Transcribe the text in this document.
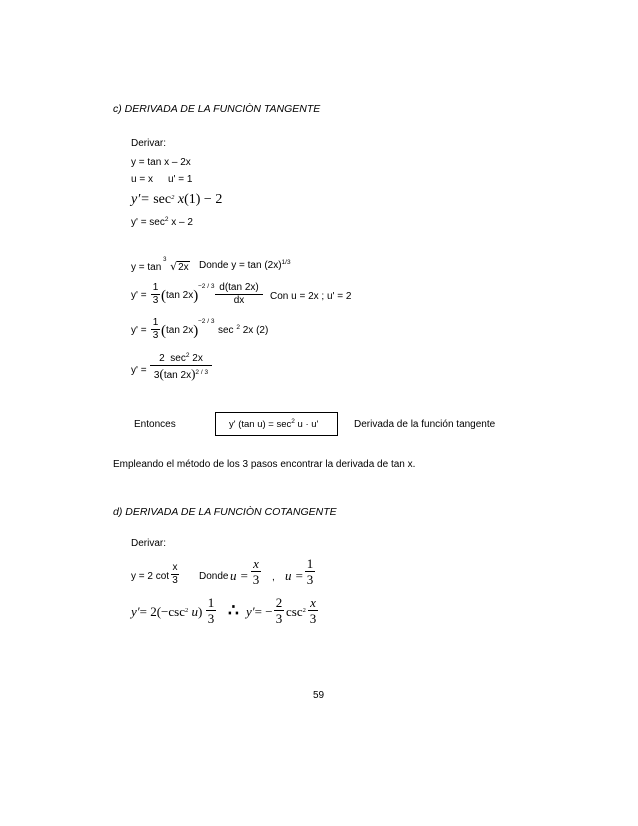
c) DERIVADA DE LA FUNCIÒN TANGENTE
Derivar:
y = tan x – 2x
u = x u' = 1
$y'= \sec^2 x(1) - 2$
$y' = \sec^2 x - 2$
y = tan
3 √2x Donde $y = \tan (2x)^{1/3}$
y' =
1
3 (tan 2x)
−2 / 3 d(tan 2x)
dx	Con u = 2x ; u' = 2
y' =
1
3 (tan 2x)
−2 / 3
sec $^2$ 2x (2)
y' =
2  $\sec^2 2x$
3(tan 2x)$^{2 / 3}$
Entonces	y' (tan $u) = \sec^2 u \cdot u'$	Derivada de la función tangente
Empleando el método de los 3 pasos encontrar la derivada de tan x.
d) DERIVADA DE LA FUNCIÒN COTANGENTE
Derivar:
y = 2 cot
x
3 Donde u =
x
3 , u =
1
3
$y'= 2(-\csc^2$ u)
1
3 ∴ y′= −
2
3 $\csc^2$
x
3
59
